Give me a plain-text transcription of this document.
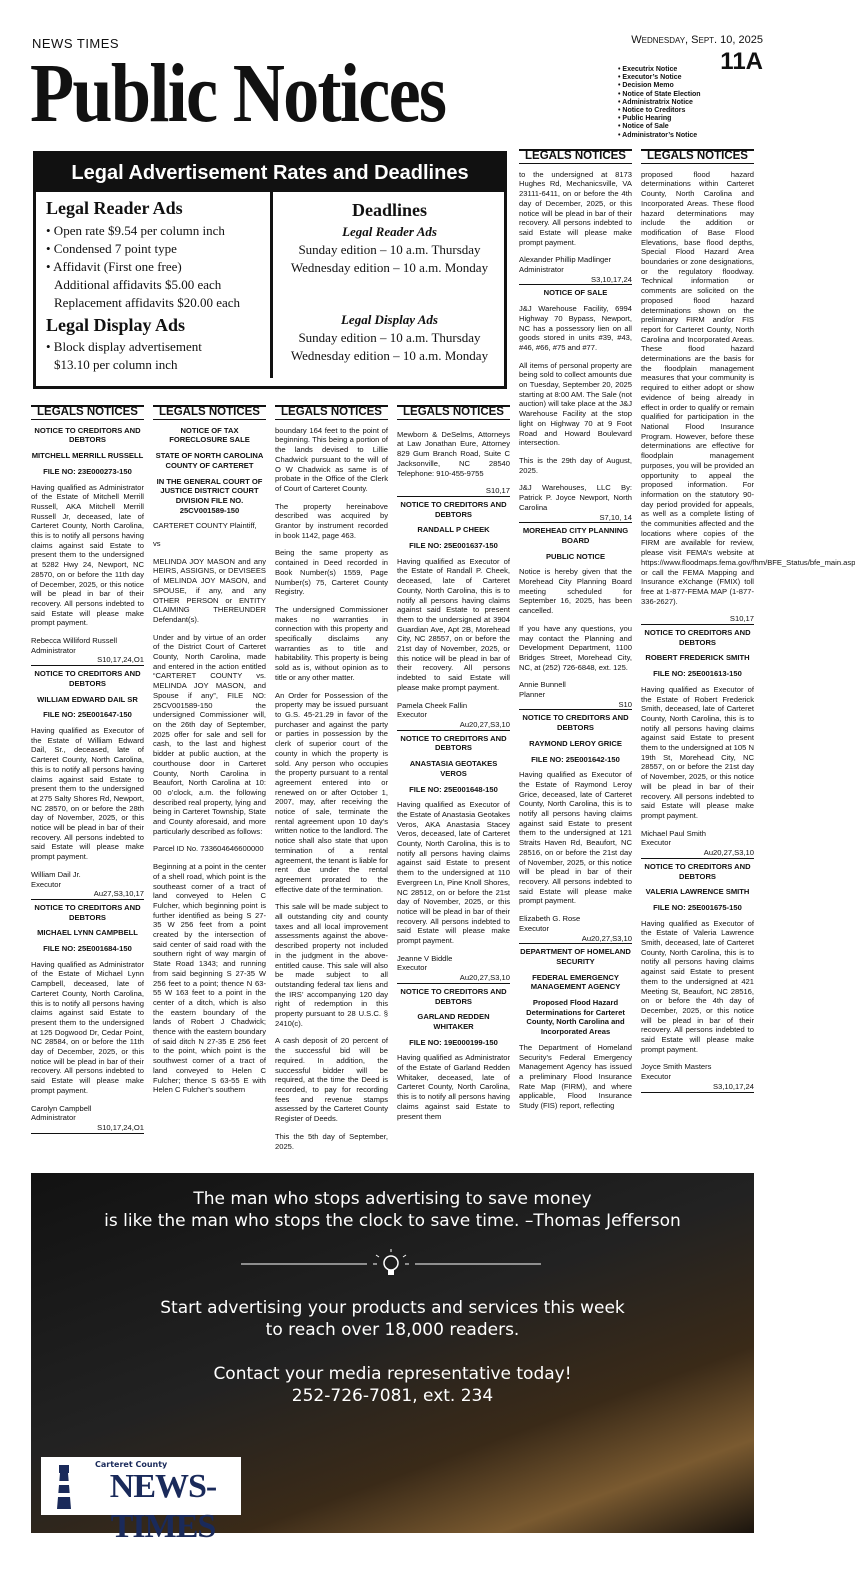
NEWS TIMES
Public Notices
Wednesday, Sept. 10, 2025
11A
• Executrix Notice
• Executor’s Notice
• Decision Memo
• Notice of State Election
• Administratrix Notice
• Notice to Creditors
• Public Hearing
• Notice of Sale
• Administrator’s Notice
Legal Advertisement Rates and Deadlines
Legal Reader Ads
• Open rate $9.54 per column inch
• Condensed 7 point type
• Affidavit (First one free)
Additional affidavits $5.00 each
Replacement affidavits $20.00 each
Legal Display Ads
• Block display advertisement
$13.10 per column inch
Deadlines
Legal Reader Ads
Sunday edition – 10 a.m. Thursday
Wednesday edition – 10 a.m. Monday
Legal Display Ads
Sunday edition – 10 a.m. Thursday
Wednesday edition – 10 a.m. Monday
LEGALS NOTICES
NOTICE TO CREDITORS AND DEBTORS
MITCHELL MERRILL RUSSELL
FILE NO: 23E000273-150

Having qualified as Administrator of the Estate of Mitchell Merrill Russell, AKA Mitchell Merrill Russell Jr, deceased, late of Carteret County, North Carolina, this is to notify all persons having claims against said Estate to present them to the undersigned at 5282 Hwy 24, Newport, NC 28570, on or before the 11th day of December, 2025, or this notice will be plead in bar of their recovery. All persons indebted to said Estate will please make prompt payment.

Rebecca Williford Russell
Administrator
S10,17,24,O1
NOTICE TO CREDITORS AND DEBTORS
WILLIAM EDWARD DAIL SR
FILE NO: 25E001647-150

Having qualified as Executor of the Estate of William Edward Dail, Sr., deceased, late of Carteret County, North Carolina, this is to notify all persons having claims against said Estate to present them to the undersigned at 275 Salty Shores Rd, Newport, NC 28570, on or before the 28th day of November, 2025, or this notice will be plead in bar of their recovery. All persons indebted to said Estate will please make prompt payment.

William Dail Jr.
Executor
Au27,S3,10,17
NOTICE TO CREDITORS AND DEBTORS
MICHAEL LYNN CAMPBELL
FILE NO: 25E001684-150

Having qualified as Administrator of the Estate of Michael Lynn Campbell, deceased, late of Carteret County, North Carolina, this is to notify all persons having claims against said Estate to present them to the undersigned at 125 Dogwood Dr, Cedar Point, NC 28584, on or before the 11th day of December, 2025, or this notice will be plead in bar of their recovery. All persons indebted to said Estate will please make prompt payment.

Carolyn Campbell
Administrator
S10,17,24,O1
LEGALS NOTICES
NOTICE OF TAX FORECLOSURE SALE
STATE OF NORTH CAROLINA COUNTY OF CARTERET
IN THE GENERAL COURT OF JUSTICE DISTRICT COURT DIVISION FILE NO. 25CV001589-150

CARTERET COUNTY Plaintiff,

vs

MELINDA JOY MASON and any HEIRS, ASSIGNS, or DEVISEES of MELINDA JOY MASON, and SPOUSE, if any, and any OTHER PERSON or ENTITY CLAIMING THEREUNDER Defendant(s).

Under and by virtue of an order of the District Court of Carteret County, North Carolina, made and entered in the action entitled “CARTERET COUNTY vs. MELINDA JOY MASON, and Spouse if any”, FILE NO: 25CV001589-150 the undersigned Commissioner will, on the 26th day of September, 2025 offer for sale and sell for cash, to the last and highest bidder at public auction, at the courthouse door in Carteret County, North Carolina in Beaufort, North Carolina at 10: 00 o’clock, a.m. the following described real property, lying and being in Carteret Township, State and County aforesaid, and more particularly described as follows:

Parcel ID No. 733604646600000

Beginning at a point in the center of a shell road, which point is the southeast corner of a tract of land conveyed to Helen C Fulcher, which beginning point is further identified as being S 27-35 W 256 feet from a point created by the intersection of said center of said road with the southern right of way margin of State Road 1343; and running from said beginning S 27-35 W 256 feet to a point; thence N 63-55 W 163 feet to a point in the center of a ditch, which is also the eastern boundary of the lands of Robert J Chadwick; thence with the eastern boundary of said ditch N 27-35 E 256 feet to the point, which point is the southwest corner of a tract of land conveyed to Helen C Fulcher; thence S 63-55 E with Helen C Fulcher’s southern

LEGALS NOTICES

boundary 164 feet to the point of beginning. This being a portion of the lands devised to Lillie Chadwick pursuant to the will of O W Chadwick as same is of probate in the Office of the Clerk of Court of Carteret County.

The property hereinabove described was acquired by Grantor by instrument recorded in book 1142, page 463.

Being the same property as contained in Deed recorded in Book Number(s) 1559, Page Number(s) 75, Carteret County Registry.

The undersigned Commissioner makes no warranties in connection with this property and specifically disclaims any warranties as to title and habitability. This property is being sold as is, without opinion as to title or any other matter.

An Order for Possession of the property may be issued pursuant to G.S. 45-21.29 in favor of the purchaser and against the party or parties in possession by the clerk of superior court of the county in which the property is sold. Any person who occupies the property pursuant to a rental agreement entered into or renewed on or after October 1, 2007, may, after receiving the notice of sale, terminate the rental agreement upon 10 day’s written notice to the landlord. The notice shall also state that upon termination of a rental agreement, the tenant is liable for rent due under the rental agreement prorated to the effective date of the termination.

This sale will be made subject to all outstanding city and county taxes and all local improvement assessments against the above-described property not included in the judgment in the above-entitled cause. This sale will also be made subject to all outstanding federal tax liens and the IRS’ accompanying 120 day right of redemption in this property pursuant to 28 U.S.C. § 2410(c).

A cash deposit of 20 percent of the successful bid will be required. In addition, the successful bidder will be required, at the time the Deed is recorded, to pay for recording fees and revenue stamps assessed by the Carteret County Register of Deeds.

This the 5th day of September, 2025.

LEGALS NOTICES

Mewborn & DeSelms, Attorneys at Law Jonathan Eure, Attorney 829 Gum Branch Road, Suite C Jacksonville, NC 28540 Telephone: 910-455-9755

S10,17
NOTICE TO CREDITORS AND DEBTORS
RANDALL P CHEEK
FILE NO: 25E001637-150

Having qualified as Executor of the Estate of Randall P. Cheek, deceased, late of Carteret County, North Carolina, this is to notify all persons having claims against said Estate to present them to the undersigned at 3904 Guardian Ave, Apt 2B, Morehead City, NC 28557, on or before the 21st day of November, 2025, or this notice will be plead in bar of their recovery. All persons indebted to said Estate will please make prompt payment.

Pamela Cheek Fallin
Executor
Au20,27,S3,10
NOTICE TO CREDITORS AND DEBTORS
ANASTASIA GEOTAKES VEROS
FILE NO: 25E001648-150

Having qualified as Executor of the Estate of Anastasia Geotakes Veros, AKA Anastasia Stacey Veros, deceased, late of Carteret County, North Carolina, this is to notify all persons having claims against said Estate to present them to the undersigned at 110 Evergreen Ln, Pine Knoll Shores, NC 28512, on or before the 21st day of November, 2025, or this notice will be plead in bar of their recovery. All persons indebted to said Estate will please make prompt payment.

Jeanne V Biddle
Executor
Au20,27,S3,10
NOTICE TO CREDITORS AND DEBTORS
GARLAND REDDEN WHITAKER
FILE NO: 19E000199-150

Having qualified as Administrator of the Estate of Garland Redden Whitaker, deceased, late of Carteret County, North Carolina, this is to notify all persons having claims against said Estate to present them

LEGALS NOTICES

to the undersigned at 8173 Hughes Rd, Mechanicsville, VA 23111-6411, on or before the 4th day of December, 2025, or this notice will be plead in bar of their recovery. All persons indebted to said Estate will please make prompt payment.

Alexander Phillip Madlinger
Administrator
S3,10,17,24
NOTICE OF SALE

J&J Warehouse Facility, 6994 Highway 70 Bypass, Newport, NC has a possessory lien on all goods stored in units #39, #43, #46, #66, #75 and #77.

All items of personal property are being sold to collect amounts due on Tuesday, September 20, 2025 starting at 8:00 AM. The Sale (not auction) will take place at the J&J Warehouse Facility at the stop light on Highway 70 at 9 Foot Road and Howard Boulevard intersection.

This is the 29th day of August, 2025.

J&J Warehouses, LLC By: Patrick P. Joyce Newport, North Carolina
S7,10, 14
MOREHEAD CITY PLANNING BOARD
PUBLIC NOTICE

Notice is hereby given that the Morehead City Planning Board meeting scheduled for September 16, 2025, has been cancelled.

If you have any questions, you may contact the Planning and Development Department, 1100 Bridges Street, Morehead City, NC, at (252) 726-6848, ext. 125.

Annie Bunnell
Planner
S10
NOTICE TO CREDITORS AND DEBTORS
RAYMOND LEROY GRICE
FILE NO: 25E001642-150

Having qualified as Executor of the Estate of Raymond Leroy Grice, deceased, late of Carteret County, North Carolina, this is to notify all persons having claims against said Estate to present them to the undersigned at 121 Straits Haven Rd, Beaufort, NC 28516, on or before the 21st day of November, 2025, or this notice will be plead in bar of their recovery. All persons indebted to said Estate will please make prompt payment.

Elizabeth G. Rose
Executor
Au20,27,S3,10
DEPARTMENT OF HOMELAND SECURITY
FEDERAL EMERGENCY MANAGEMENT AGENCY
Proposed Flood Hazard Determinations for Carteret County, North Carolina and Incorporated Areas

The Department of Homeland Security’s Federal Emergency Management Agency has issued a preliminary Flood Insurance Rate Map (FIRM), and where applicable, Flood Insurance Study (FIS) report, reflecting

LEGALS NOTICES

proposed flood hazard determinations within Carteret County, North Carolina and Incorporated Areas. These flood hazard determinations may include the addition or modification of Base Flood Elevations, base flood depths, Special Flood Hazard Area boundaries or zone designations, or the regulatory floodway. Technical information or comments are solicited on the proposed flood hazard determinations shown on the preliminary FIRM and/or FIS report for Carteret County, North Carolina and Incorporated Areas. These flood hazard determinations are the basis for the floodplain management measures that your community is required to either adopt or show evidence of being already in effect in order to qualify or remain qualified for participation in the National Flood Insurance Program. However, before these determinations are effective for floodplain management purposes, you will be provided an opportunity to appeal the proposed information. For information on the statutory 90-day period provided for appeals, as well as a complete listing of the communities affected and the locations where copies of the FIRM are available for review, please visit FEMA’s website at https://www.floodmaps.fema.gov/fhm/BFE_Status/bfe_main.asp or call the FEMA Mapping and Insurance eXchange (FMIX) toll free at 1-877-FEMA MAP (1-877-336-2627).

S10,17
NOTICE TO CREDITORS AND DEBTORS
ROBERT FREDERICK SMITH
FILE NO: 25E001613-150

Having qualified as Executor of the Estate of Robert Frederick Smith, deceased, late of Carteret County, North Carolina, this is to notify all persons having claims against said Estate to present them to the undersigned at 105 N 19th St, Morehead City, NC 28557, on or before the 21st day of November, 2025, or this notice will be plead in bar of their recovery. All persons indebted to said Estate will please make prompt payment.

Michael Paul Smith
Executor
Au20,27,S3,10
NOTICE TO CREDITORS AND DEBTORS
VALERIA LAWRENCE SMITH
FILE NO: 25E001675-150

Having qualified as Executor of the Estate of Valeria Lawrence Smith, deceased, late of Carteret County, North Carolina, this is to notify all persons having claims against said Estate to present them to the undersigned at 421 Meeting St, Beaufort, NC 28516, on or before the 4th day of December, 2025, or this notice will be plead in bar of their recovery. All persons indebted to said Estate will please make prompt payment.

Joyce Smith Masters
Executor
S3,10,17,24
The man who stops advertising to save money
is like the man who stops the clock to save time. –Thomas Jefferson
Start advertising your products and services this week
to reach over 18,000 readers.
Contact your media representative today!
252-726-7081, ext. 234
Carteret County
NEWS-TIMES
